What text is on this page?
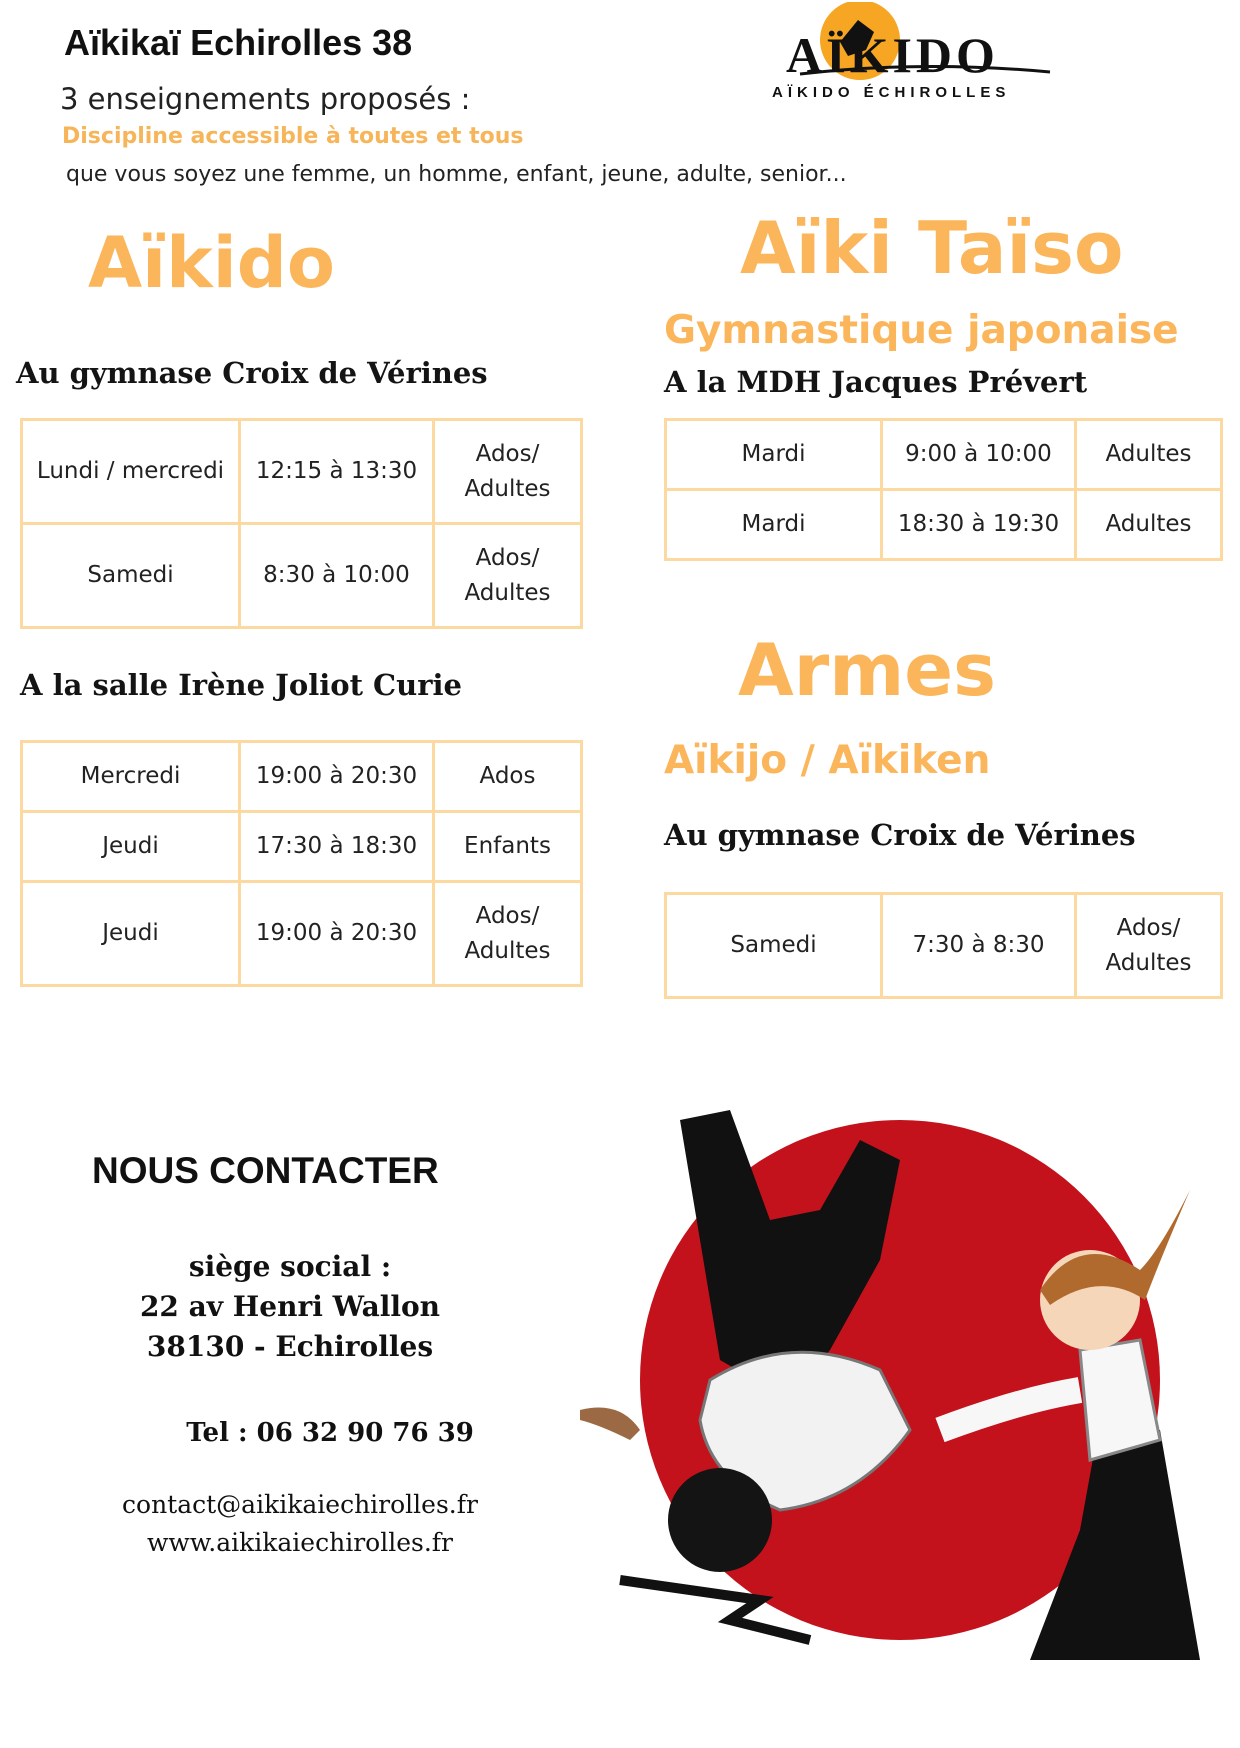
Aïkikaï Echirolles 38
3 enseignements proposés :
Discipline accessible à toutes et tous
que vous soyez une femme, un homme, enfant, jeune, adulte, senior...
AÏKIDO
AÏKIDO ÉCHIROLLES
Aïkido
Au gymnase Croix de Vérines
Lundi / mercredi	12:15 à 13:30	Ados/ Adultes
Samedi	8:30 à 10:00	Ados/ Adultes
A la salle Irène Joliot Curie
Mercredi	19:00 à 20:30	Ados
Jeudi	17:30 à 18:30	Enfants
Jeudi	19:00 à 20:30	Ados/ Adultes
Aïki Taïso
Gymnastique japonaise
A la MDH Jacques Prévert
Mardi	9:00 à 10:00	Adultes
Mardi	18:30 à 19:30	Adultes
Armes
Aïkijo / Aïkiken
Au gymnase Croix de Vérines
Samedi	7:30 à 8:30	Ados/ Adultes
NOUS CONTACTER
siège social :
22 av Henri Wallon
38130 - Echirolles
Tel : 06 32 90 76 39
contact@aikikaiechirolles.fr
www.aikikaiechirolles.fr
